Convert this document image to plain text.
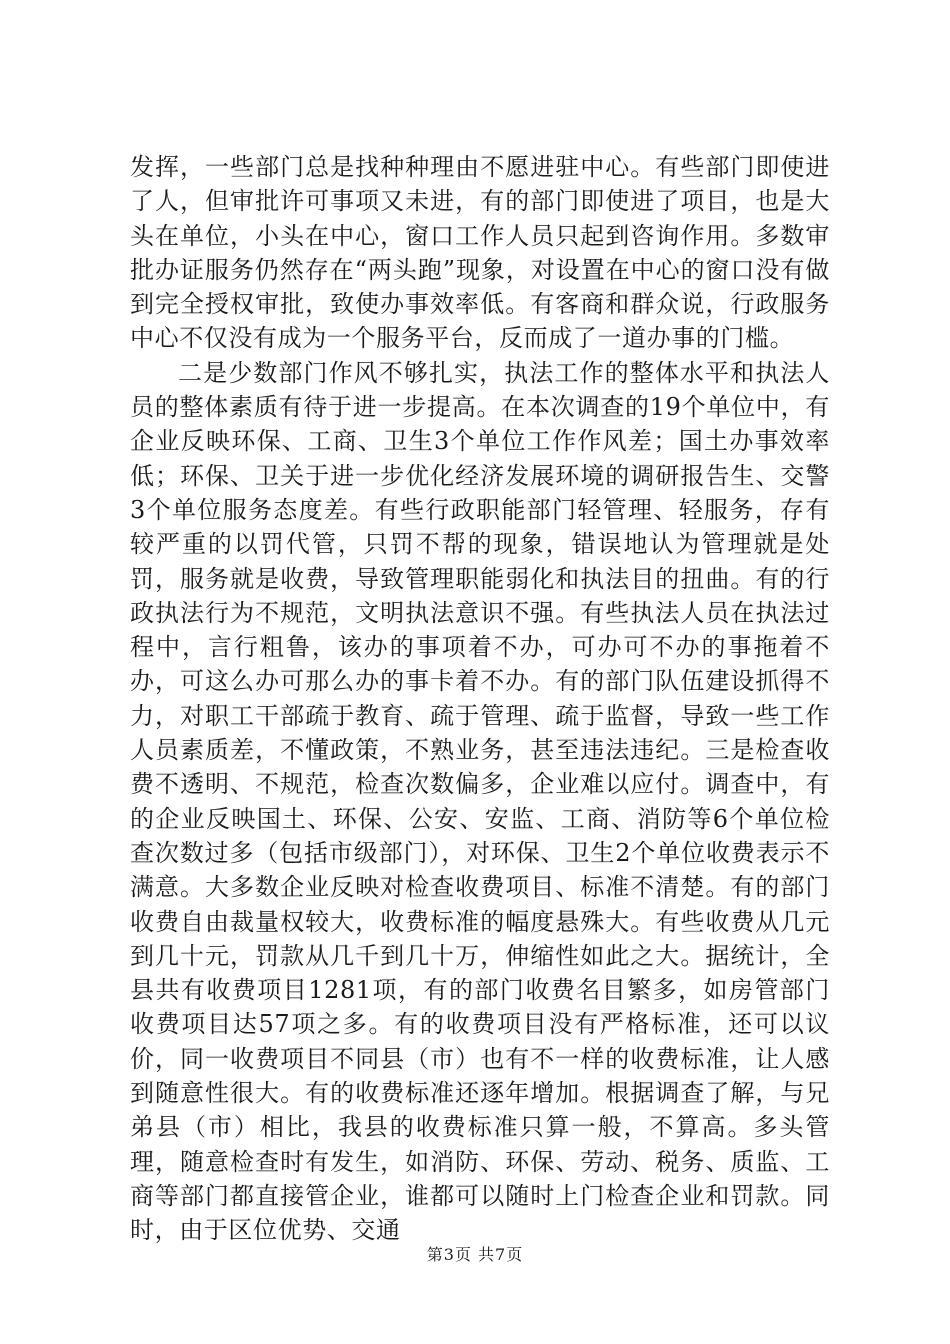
发挥，一些部门总是找种种理由不愿进驻中心。有些部门即使进了人，但审批许可事项又未进，有的部门即使进了项目，也是大头在单位，小头在中心，窗口工作人员只起到咨询作用。多数审批办证服务仍然存在“两头跑”现象，对设置在中心的窗口没有做到完全授权审批，致使办事效率低。有客商和群众说，行政服务中心不仅没有成为一个服务平台，反而成了一道办事的门槛。

二是少数部门作风不够扎实，执法工作的整体水平和执法人员的整体素质有待于进一步提高。在本次调查的19个单位中，有企业反映环保、工商、卫生3个单位工作作风差；国土办事效率低；环保、卫关于进一步优化经济发展环境的调研报告生、交警3个单位服务态度差。有些行政职能部门轻管理、轻服务，存有较严重的以罚代管，只罚不帮的现象，错误地认为管理就是处罚，服务就是收费，导致管理职能弱化和执法目的扭曲。有的行政执法行为不规范，文明执法意识不强。有些执法人员在执法过程中，言行粗鲁，该办的事项着不办，可办可不办的事拖着不办，可这么办可那么办的事卡着不办。有的部门队伍建设抓得不力，对职工干部疏于教育、疏于管理、疏于监督，导致一些工作人员素质差，不懂政策，不熟业务，甚至违法违纪。三是检查收费不透明、不规范，检查次数偏多，企业难以应付。调查中，有的企业反映国土、环保、公安、安监、工商、消防等6个单位检查次数过多（包括市级部门），对环保、卫生2个单位收费表示不满意。大多数企业反映对检查收费项目、标准不清楚。有的部门收费自由裁量权较大，收费标准的幅度悬殊大。有些收费从几元到几十元，罚款从几千到几十万，伸缩性如此之大。据统计，全县共有收费项目1281项，有的部门收费名目繁多，如房管部门收费项目达57项之多。有的收费项目没有严格标准，还可以议价，同一收费项目不同县（市）也有不一样的收费标准，让人感到随意性很大。有的收费标准还逐年增加。根据调查了解，与兄弟县（市）相比，我县的收费标准只算一般，不算高。多头管理，随意检查时有发生，如消防、环保、劳动、税务、质监、工商等部门都直接管企业，谁都可以随时上门检查企业和罚款。同时，由于区位优势、交通

第3页 共7页
